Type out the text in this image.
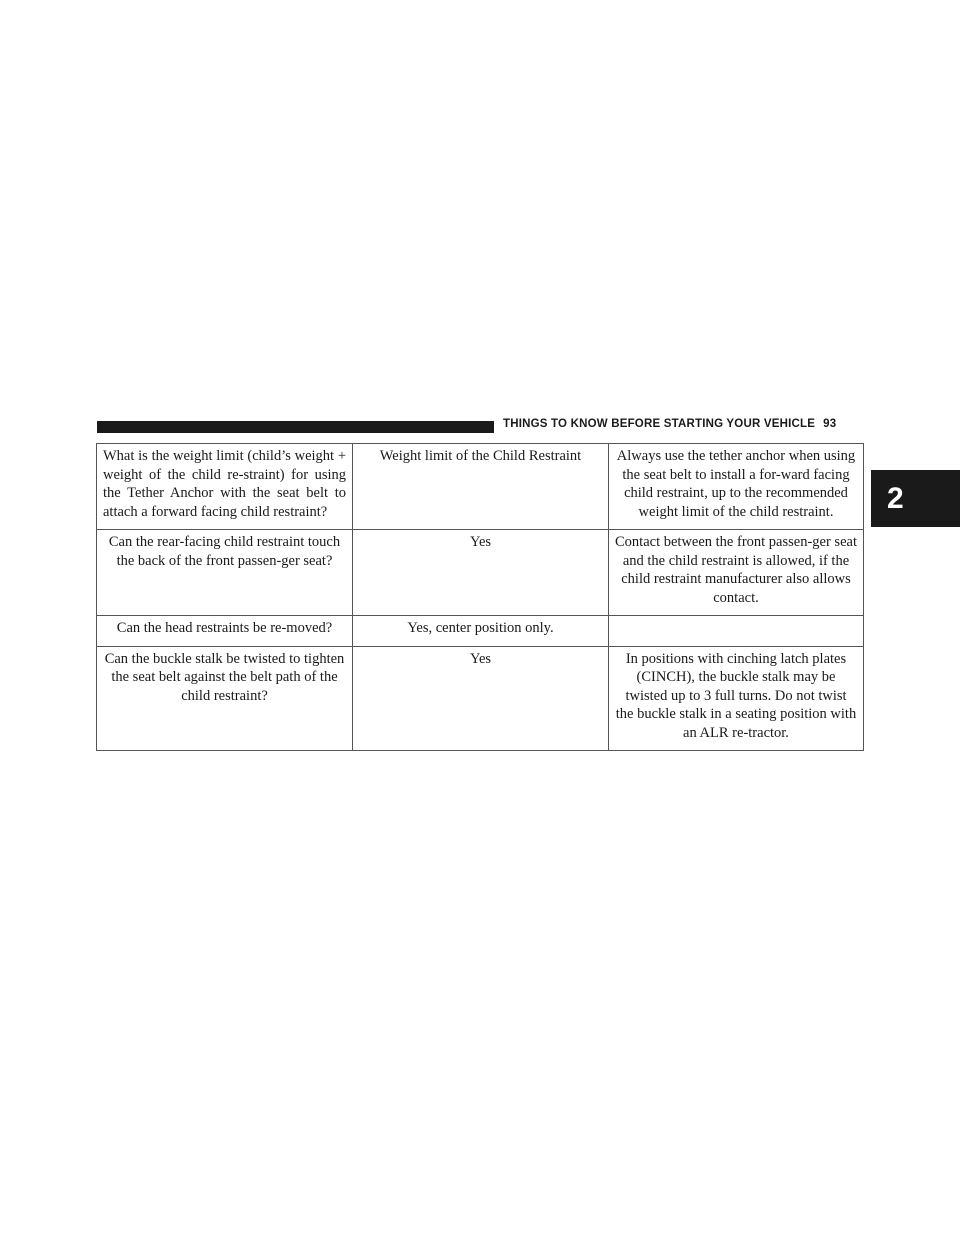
THINGS TO KNOW BEFORE STARTING YOUR VEHICLE 93
2
What is the weight limit (child’s weight + weight of the child re-straint) for using the Tether Anchor with the seat belt to attach a forward facing child restraint?	Weight limit of the Child Restraint	Always use the tether anchor when using the seat belt to install a for-ward facing child restraint, up to the recommended weight limit of the child restraint.
Can the rear-facing child restraint touch the back of the front passen-ger seat?	Yes	Contact between the front passen-ger seat and the child restraint is allowed, if the child restraint manufacturer also allows contact.
Can the head restraints be re-moved?	Yes, center position only.	
Can the buckle stalk be twisted to tighten the seat belt against the belt path of the child restraint?	Yes	In positions with cinching latch plates (CINCH), the buckle stalk may be twisted up to 3 full turns. Do not twist the buckle stalk in a seating position with an ALR re-tractor.
